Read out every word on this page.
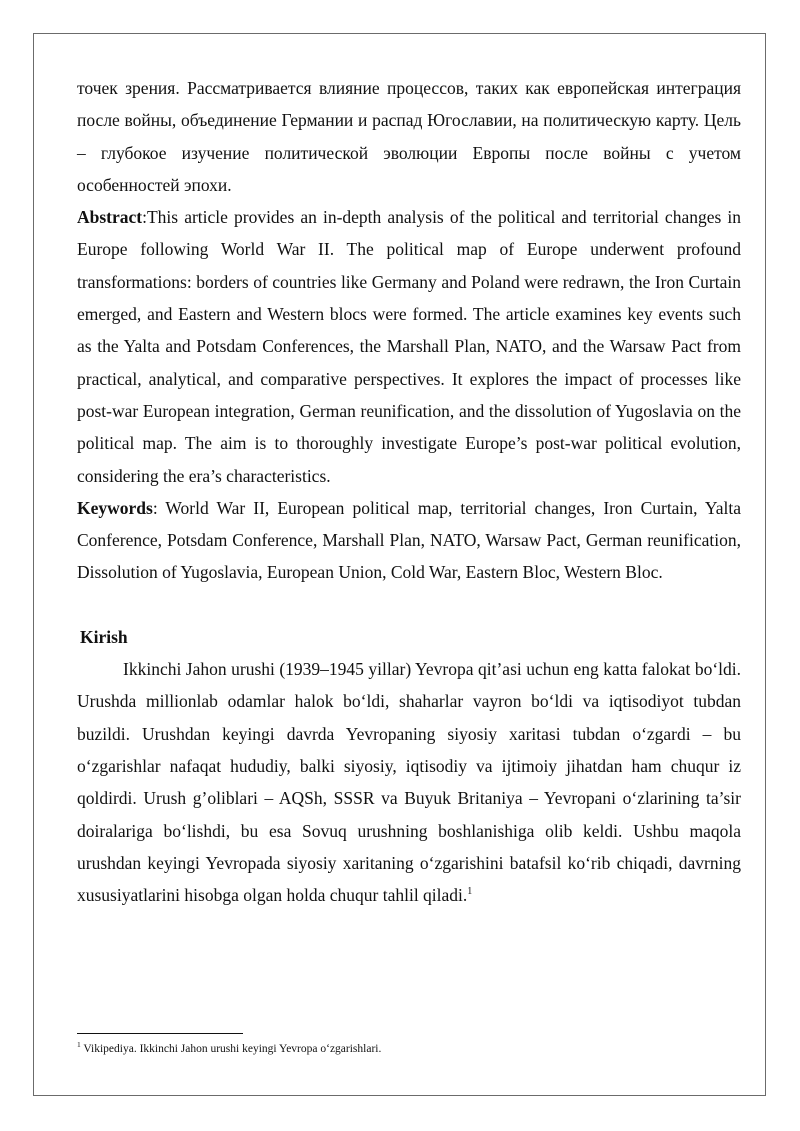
точек зрения. Рассматривается влияние процессов, таких как европейская интеграция после войны, объединение Германии и распад Югославии, на политическую карту. Цель – глубокое изучение политической эволюции Европы после войны с учетом особенностей эпохи.

Abstract:This article provides an in-depth analysis of the political and territorial changes in Europe following World War II. The political map of Europe underwent profound transformations: borders of countries like Germany and Poland were redrawn, the Iron Curtain emerged, and Eastern and Western blocs were formed. The article examines key events such as the Yalta and Potsdam Conferences, the Marshall Plan, NATO, and the Warsaw Pact from practical, analytical, and comparative perspectives. It explores the impact of processes like post-war European integration, German reunification, and the dissolution of Yugoslavia on the political map. The aim is to thoroughly investigate Europe’s post-war political evolution, considering the era’s characteristics.

Keywords: World War II, European political map, territorial changes, Iron Curtain, Yalta Conference, Potsdam Conference, Marshall Plan, NATO, Warsaw Pact, German reunification, Dissolution of Yugoslavia, European Union, Cold War, Eastern Bloc, Western Bloc.

Kirish

Ikkinchi Jahon urushi (1939–1945 yillar) Yevropa qit’asi uchun eng katta falokat bo‘ldi. Urushda millionlab odamlar halok bo‘ldi, shaharlar vayron bo‘ldi va iqtisodiyot tubdan buzildi. Urushdan keyingi davrda Yevropaning siyosiy xaritasi tubdan o‘zgardi – bu o‘zgarishlar nafaqat hududiy, balki siyosiy, iqtisodiy va ijtimoiy jihatdan ham chuqur iz qoldirdi. Urush g’oliblari – AQSh, SSSR va Buyuk Britaniya – Yevropani o‘zlarining ta’sir doiralariga bo‘lishdi, bu esa Sovuq urushning boshlanishiga olib keldi. Ushbu maqola urushdan keyingi Yevropada siyosiy xaritaning o‘zgarishini batafsil ko‘rib chiqadi, davrning xususiyatlarini hisobga olgan holda chuqur tahlil qiladi.$^1$

$^1$ Vikipediya. Ikkinchi Jahon urushi keyingi Yevropa o‘zgarishlari.
